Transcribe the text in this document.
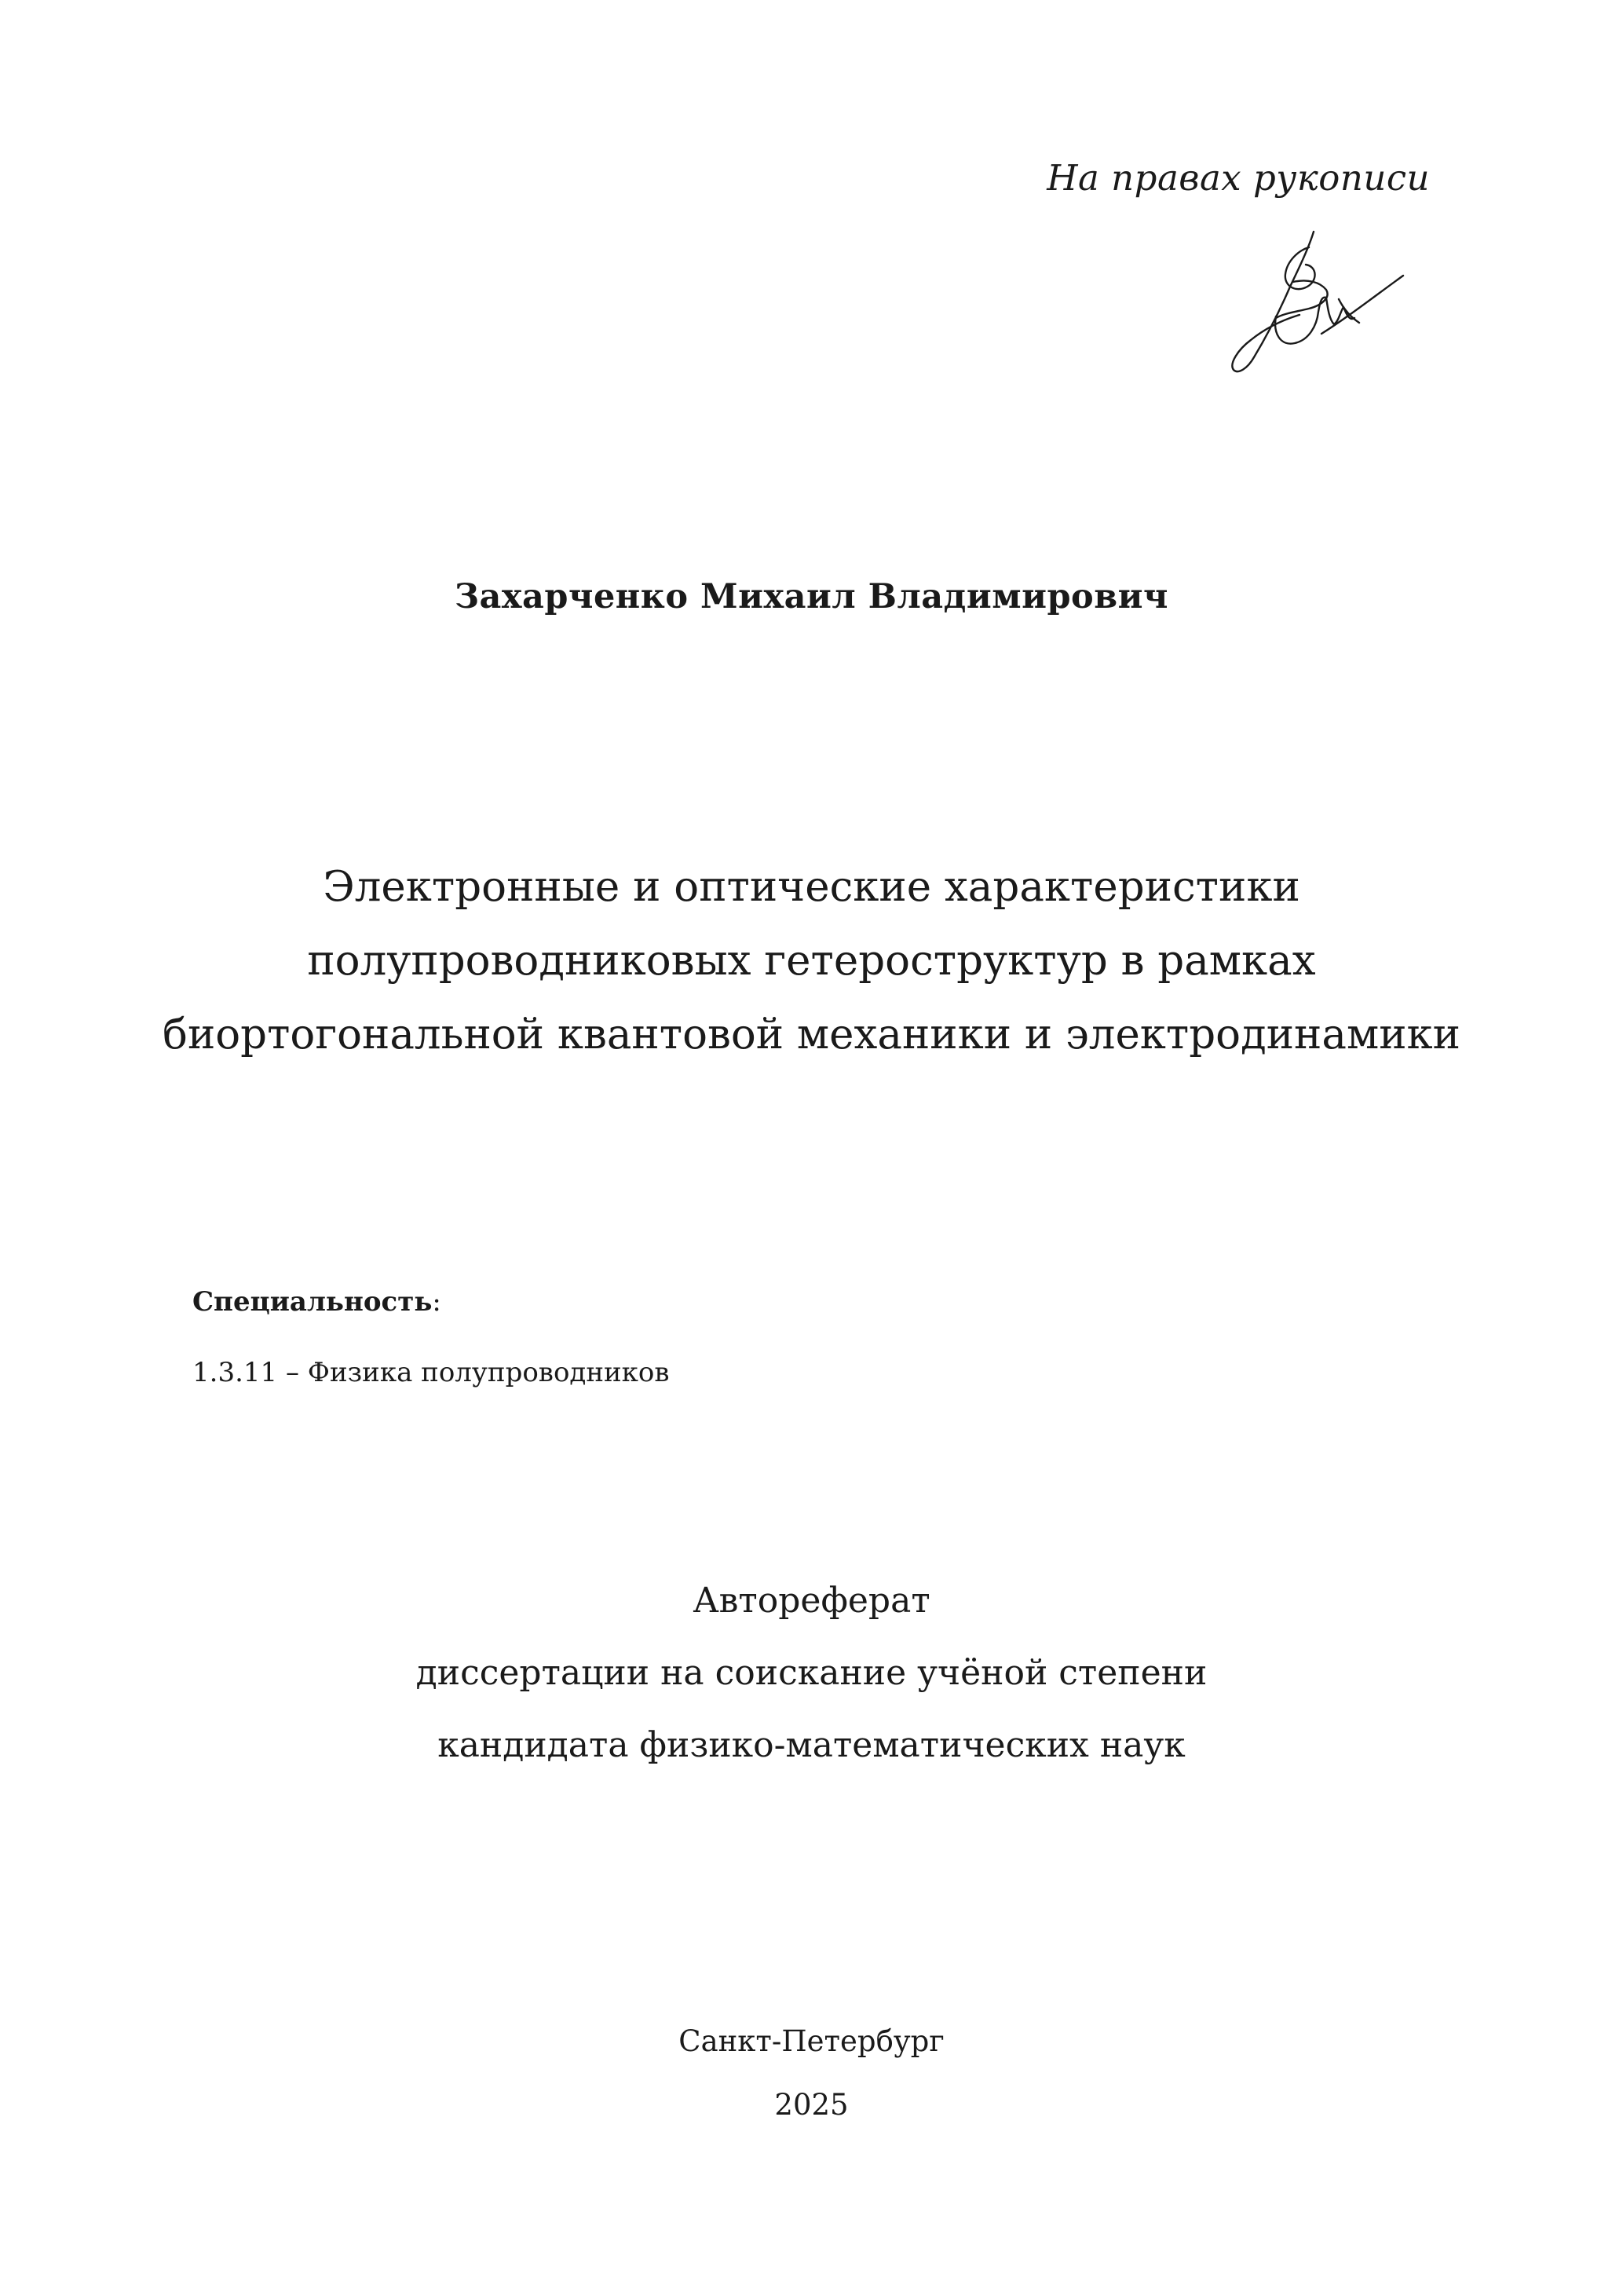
На правах рукописи
Захарченко Михаил Владимирович
Электронные и оптические характеристики
полупроводниковых гетероструктур в рамках
биортогональной квантовой механики и электродинамики
Специальность:
1.3.11 – Физика полупроводников
Автореферат
диссертации на соискание учёной степени
кандидата физико-математических наук
Санкт-Петербург
2025
